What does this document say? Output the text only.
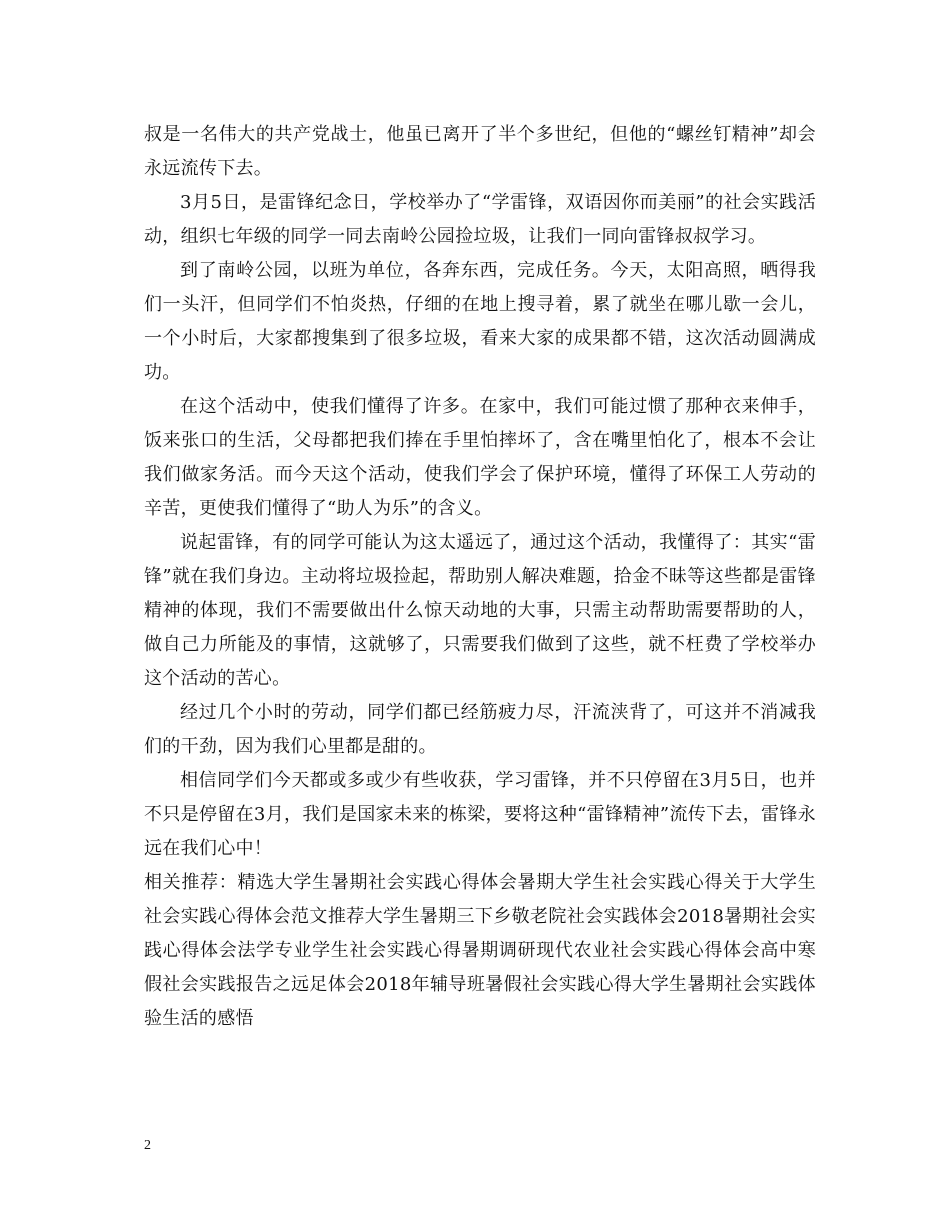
叔是一名伟大的共产党战士，他虽已离开了半个多世纪，但他的“螺丝钉精神”却会永远流传下去。

3月5日，是雷锋纪念日，学校举办了“学雷锋，双语因你而美丽”的社会实践活动，组织七年级的同学一同去南岭公园捡垃圾，让我们一同向雷锋叔叔学习。

到了南岭公园，以班为单位，各奔东西，完成任务。今天，太阳高照，晒得我们一头汗，但同学们不怕炎热，仔细的在地上搜寻着，累了就坐在哪儿歇一会儿，一个小时后，大家都搜集到了很多垃圾，看来大家的成果都不错，这次活动圆满成功。

在这个活动中，使我们懂得了许多。在家中，我们可能过惯了那种衣来伸手，饭来张口的生活，父母都把我们捧在手里怕摔坏了，含在嘴里怕化了，根本不会让我们做家务活。而今天这个活动，使我们学会了保护环境，懂得了环保工人劳动的辛苦，更使我们懂得了“助人为乐”的含义。

说起雷锋，有的同学可能认为这太遥远了，通过这个活动，我懂得了：其实“雷锋”就在我们身边。主动将垃圾捡起，帮助别人解决难题，拾金不昧等这些都是雷锋精神的体现，我们不需要做出什么惊天动地的大事，只需主动帮助需要帮助的人，做自己力所能及的事情，这就够了，只需要我们做到了这些，就不枉费了学校举办这个活动的苦心。

经过几个小时的劳动，同学们都已经筋疲力尽，汗流浃背了，可这并不消减我们的干劲，因为我们心里都是甜的。

相信同学们今天都或多或少有些收获，学习雷锋，并不只停留在3月5日，也并不只是停留在3月，我们是国家未来的栋梁，要将这种“雷锋精神”流传下去，雷锋永远在我们心中！

相关推荐：精选大学生暑期社会实践心得体会暑期大学生社会实践心得关于大学生社会实践心得体会范文推荐大学生暑期三下乡敬老院社会实践体会2018暑期社会实践心得体会法学专业学生社会实践心得暑期调研现代农业社会实践心得体会高中寒假社会实践报告之远足体会2018年辅导班暑假社会实践心得大学生暑期社会实践体验生活的感悟

2
